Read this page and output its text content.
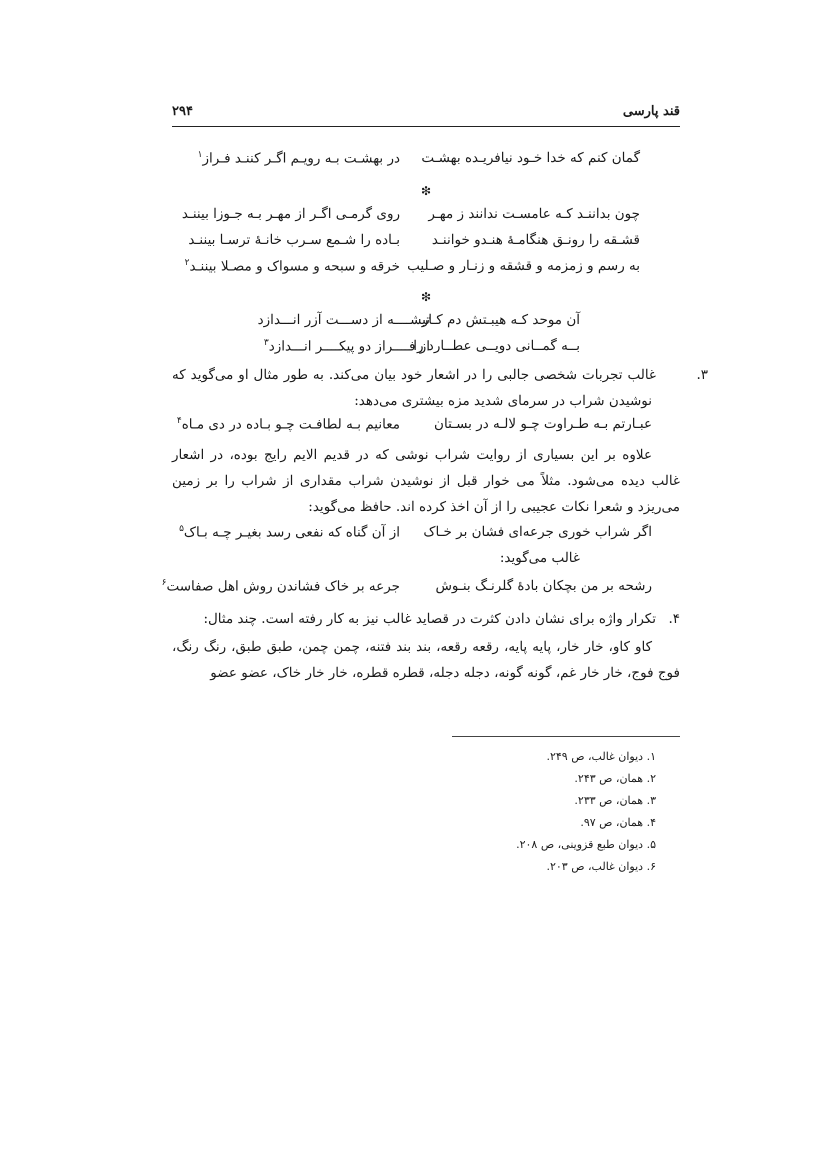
قند پارسی
۲۹۴
گمان کنم که خدا خـود نیافریـده بهشـت
در بهشـت بـه رویـم اگـر کننـد فـراز$^۱$
❇
چون بداننـد کـه عامسـت ندانند ز مهـر
روی گرمـی اگـر از مهـر بـه جـوزا بیننـد
قشـقه را رونـق هنگامـهٔ هنـدو خواننـد
بـاده را شـمع سـرب خانـهٔ ترسـا بیننـد
به رسم و زمزمه و قشقه و زنـار و صـلیب
خرقه و سبحه و مسواک و مصـلا بیننـد$^۲$
❇
آن موحد کـه هیبـتش دم کـار
تیشــــه از دســـت آزر انـــدازد
بــه گمــانی دویــی عطــارد را
از فــــراز دو پیکــــر انـــدازد$^۳$
۳.غالب تجربات شخصی جالبی را در اشعار خود بیان می‌کند. به طور مثال او می‌گوید که نوشیدن شراب در سرمای شدید مزه بیشتری می‌دهد:
عبـارتم بـه طـراوت چـو لالـه در بسـتان
معانیم بـه لطافـت چـو بـاده در دی مـاه$^۴$
علاوه بر این بسیاری از روایت شراب نوشی که در قدیم الایم رایج بوده، در اشعار غالب دیده می‌شود. مثلاً می خوار قبل از نوشیدن شراب مقداری از شراب را بر زمین می‌ریزد و شعرا نکات عجیبی را از آن اخذ کرده اند. حافظ می‌گوید:
اگر شراب خوری جرعه‌ای فشان بر خـاک
از آن گناه که نفعی رسد بغیـر چـه بـاک$^۵$
غالب می‌گوید:
رشحه بر من بچکان بادهٔ گلرنـگ بنـوش
جرعه بر خاک فشاندن روش اهل صفاست$^۶$
۴.تکرار واژه برای نشان دادن کثرت در قصاید غالب نیز به کار رفته است. چند مثال:
کاو کاو، خار خار، پایه پایه، رقعه رقعه، بند بند فتنه، چمن چمن، طبق طبق، رنگ رنگ، فوج فوج، خار خار غم، گونه گونه، دجله دجله، قطره قطره، خار خار خاک، عضو عضو
۱. دیوان غالب، ص ۲۴۹.
۲. همان، ص ۲۴۳.
۳. همان، ص ۲۳۳.
۴. همان، ص ۹۷.
۵. دیوان طبع قزوینی، ص ۲۰۸.
۶. دیوان غالب، ص ۲۰۳.
